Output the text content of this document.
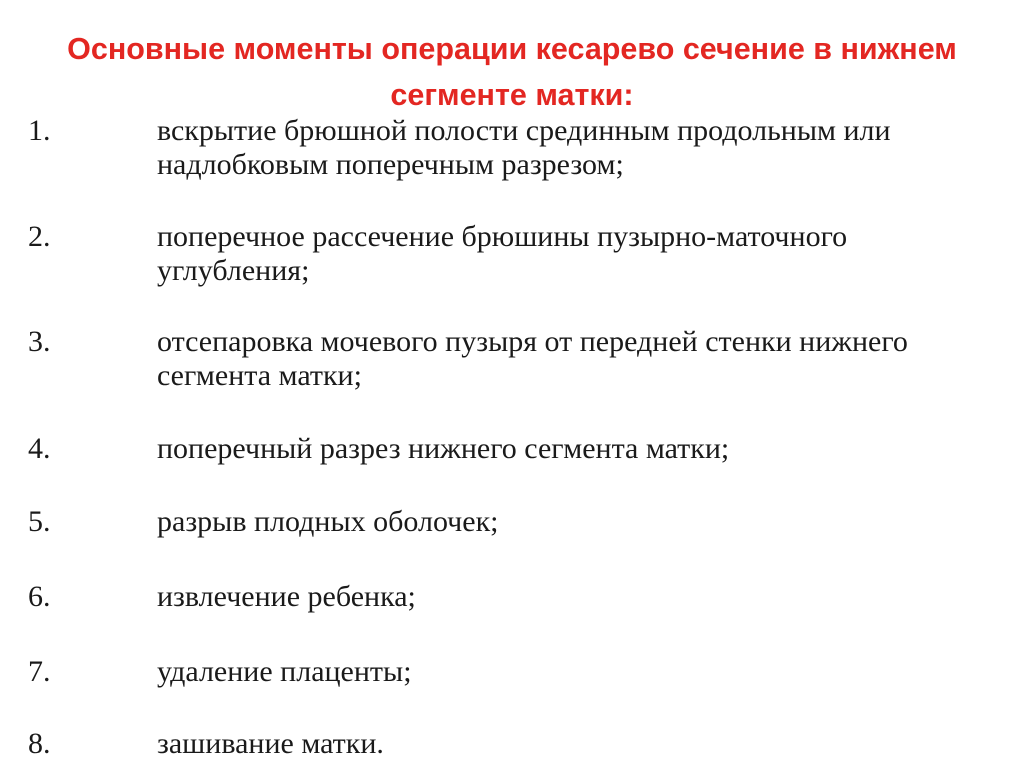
Основные моменты операции кесарево сечение в нижнем сегменте матки:
1.	вскрытие брюшной полости срединным продольным или надлобковым поперечным разрезом;
2.	поперечное рассечение брюшины пузырно-маточного углубления;
3.	отсепаровка мочевого пузыря от передней стенки нижнего сегмента матки;
4.	поперечный разрез нижнего сегмента матки;
5.	разрыв плодных оболочек;
6.	извлечение ребенка;
7.	удаление плаценты;
8.	зашивание матки.
